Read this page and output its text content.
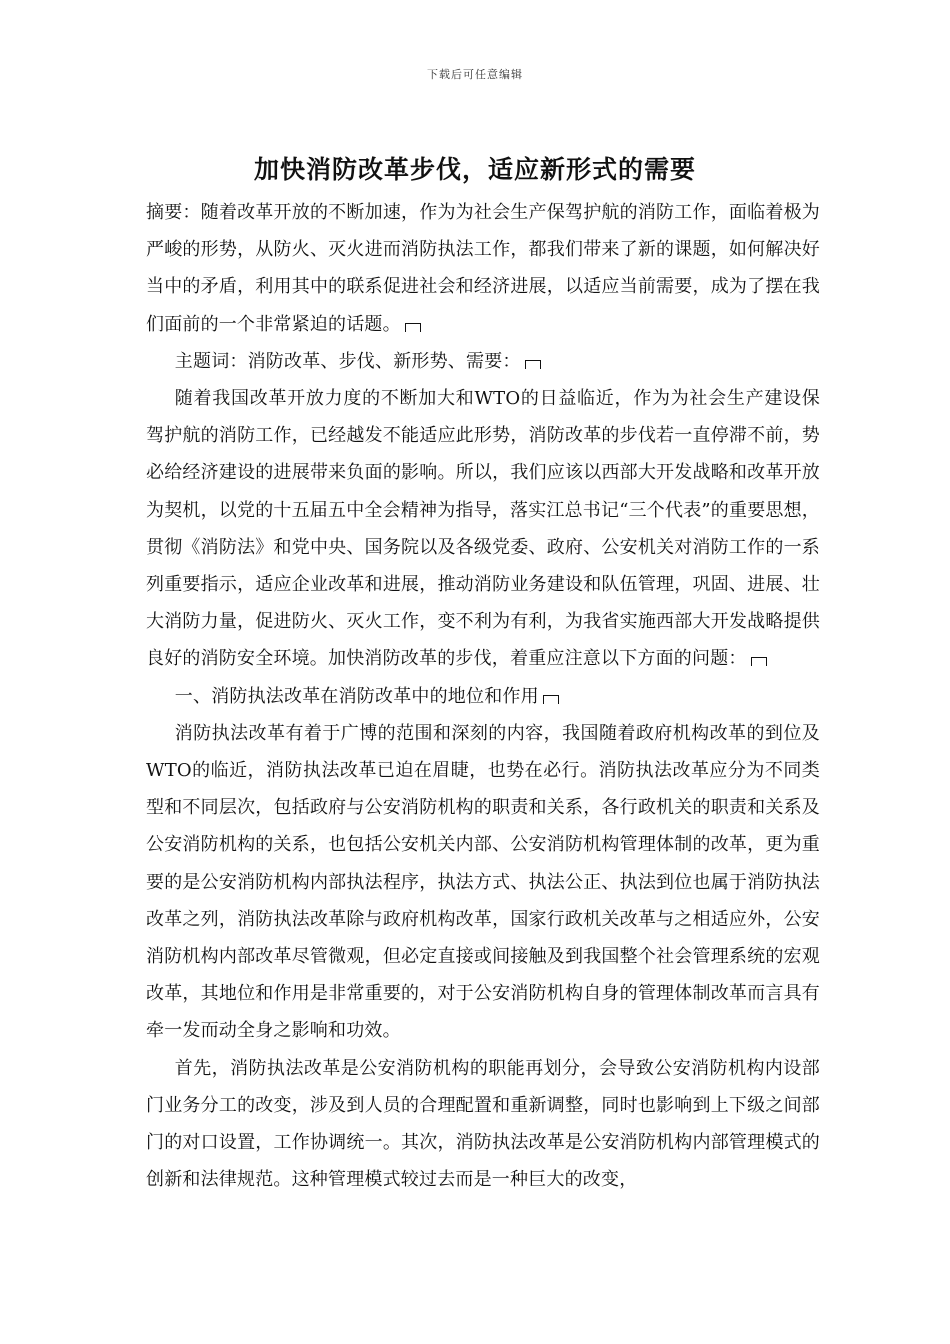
下载后可任意编辑
加快消防改革步伐，适应新形式的需要

摘要：随着改革开放的不断加速，作为为社会生产保驾护航的消防工作，面临着极为严峻的形势，从防火、灭火进而消防执法工作，都我们带来了新的课题，如何解决好当中的矛盾，利用其中的联系促进社会和经济进展，以适应当前需要，成为了摆在我们面前的一个非常紧迫的话题。

主题词：消防改革、步伐、新形势、需要：

随着我国改革开放力度的不断加大和WTO的日益临近，作为为社会生产建设保驾护航的消防工作，已经越发不能适应此形势，消防改革的步伐若一直停滞不前，势必给经济建设的进展带来负面的影响。所以，我们应该以西部大开发战略和改革开放为契机，以党的十五届五中全会精神为指导，落实江总书记“三个代表”的重要思想，贯彻《消防法》和党中央、国务院以及各级党委、政府、公安机关对消防工作的一系列重要指示，适应企业改革和进展，推动消防业务建设和队伍管理，巩固、进展、壮大消防力量，促进防火、灭火工作，变不利为有利，为我省实施西部大开发战略提供良好的消防安全环境。加快消防改革的步伐，着重应注意以下方面的问题：

一、消防执法改革在消防改革中的地位和作用

消防执法改革有着于广博的范围和深刻的内容，我国随着政府机构改革的到位及WTO的临近，消防执法改革已迫在眉睫，也势在必行。消防执法改革应分为不同类型和不同层次，包括政府与公安消防机构的职责和关系，各行政机关的职责和关系及公安消防机构的关系，也包括公安机关内部、公安消防机构管理体制的改革，更为重要的是公安消防机构内部执法程序，执法方式、执法公正、执法到位也属于消防执法改革之列，消防执法改革除与政府机构改革，国家行政机关改革与之相适应外，公安消防机构内部改革尽管微观，但必定直接或间接触及到我国整个社会管理系统的宏观改革，其地位和作用是非常重要的，对于公安消防机构自身的管理体制改革而言具有牵一发而动全身之影响和功效。

首先，消防执法改革是公安消防机构的职能再划分，会导致公安消防机构内设部门业务分工的改变，涉及到人员的合理配置和重新调整，同时也影响到上下级之间部门的对口设置，工作协调统一。其次，消防执法改革是公安消防机构内部管理模式的创新和法律规范。这种管理模式较过去而是一种巨大的改变，
